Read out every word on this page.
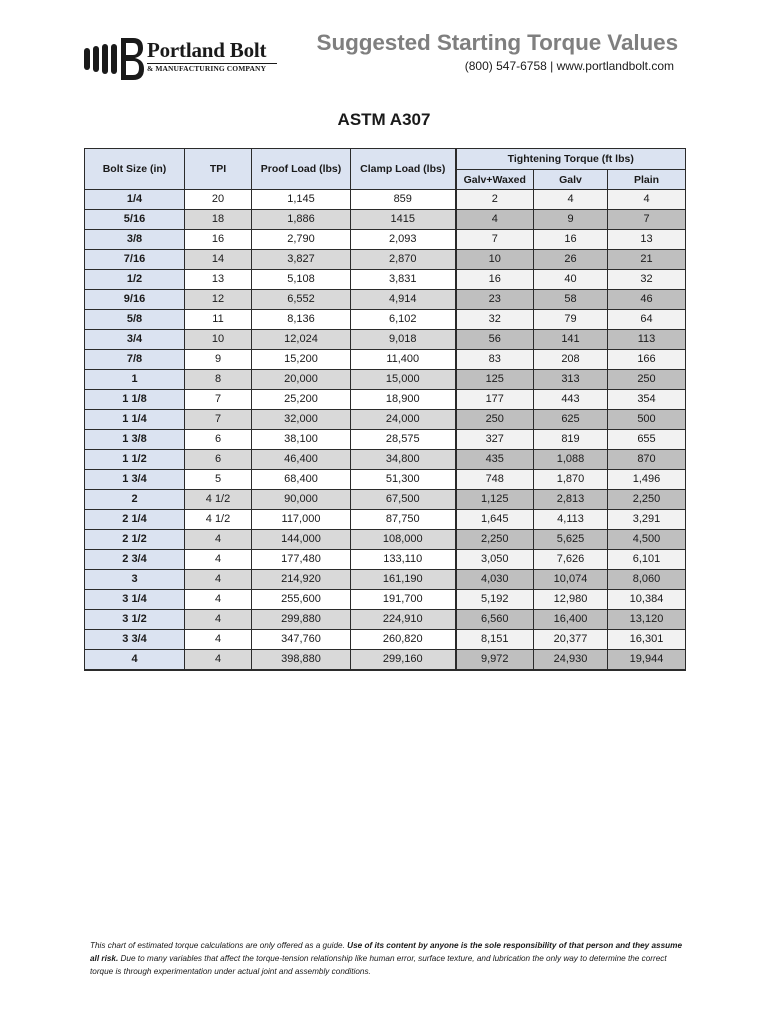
Portland Bolt
& MANUFACTURING COMPANY
Suggested Starting Torque Values
(800) 547-6758 | www.portlandbolt.com
ASTM A307
Bolt Size (in)	TPI	Proof Load (lbs)	Clamp Load (lbs)	Tightening Torque (ft lbs)		
				Galv+Waxed	Galv	Plain
1/4	20	1,145	859	2	4	4
5/16	18	1,886	1415	4	9	7
3/8	16	2,790	2,093	7	16	13
7/16	14	3,827	2,870	10	26	21
1/2	13	5,108	3,831	16	40	32
9/16	12	6,552	4,914	23	58	46
5/8	11	8,136	6,102	32	79	64
3/4	10	12,024	9,018	56	141	113
7/8	9	15,200	11,400	83	208	166
1	8	20,000	15,000	125	313	250
1 1/8	7	25,200	18,900	177	443	354
1 1/4	7	32,000	24,000	250	625	500
1 3/8	6	38,100	28,575	327	819	655
1 1/2	6	46,400	34,800	435	1,088	870
1 3/4	5	68,400	51,300	748	1,870	1,496
2	4 1/2	90,000	67,500	1,125	2,813	2,250
2 1/4	4 1/2	117,000	87,750	1,645	4,113	3,291
2 1/2	4	144,000	108,000	2,250	5,625	4,500
2 3/4	4	177,480	133,110	3,050	7,626	6,101
3	4	214,920	161,190	4,030	10,074	8,060
3 1/4	4	255,600	191,700	5,192	12,980	10,384
3 1/2	4	299,880	224,910	6,560	16,400	13,120
3 3/4	4	347,760	260,820	8,151	20,377	16,301
4	4	398,880	299,160	9,972	24,930	19,944
This chart of estimated torque calculations are only offered as a guide. Use of its content by anyone is the sole responsibility of that person and they assume all risk. Due to many variables that affect the torque-tension relationship like human error, surface texture, and lubrication the only way to determine the correct torque is through experimentation under actual joint and assembly conditions.
